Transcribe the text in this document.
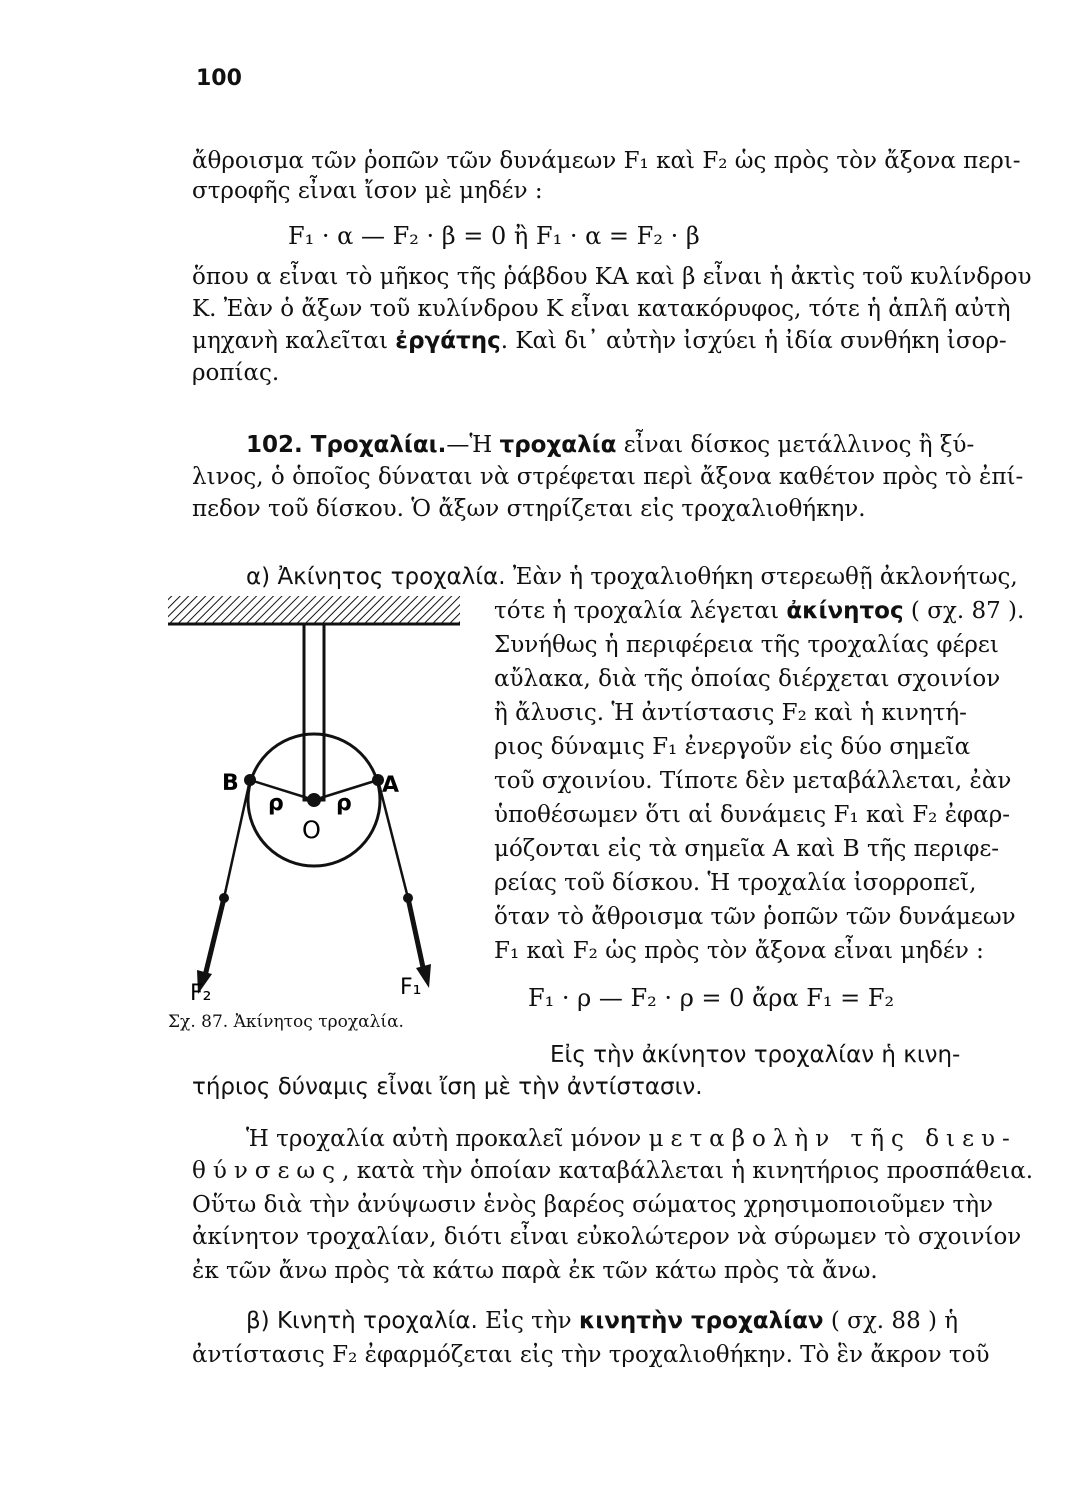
100
ἄθροισμα τῶν ῥοπῶν τῶν δυνάμεων F₁ καὶ F₂ ὡς πρὸς τὸν ἄξονα περι-
στροφῆς εἶναι ἴσον μὲ μηδέν :
F₁ · α — F₂ · β = 0 ἢ F₁ · α = F₂ · β
ὅπου α εἶναι τὸ μῆκος τῆς ῥάβδου ΚΑ καὶ β εἶναι ἡ ἀκτὶς τοῦ κυλίνδρου
Κ. Ἐὰν ὁ ἄξων τοῦ κυλίνδρου Κ εἶναι κατακόρυφος, τότε ἡ ἁπλῆ αὐτὴ
μηχανὴ καλεῖται ἐργάτης. Καὶ δι᾽ αὐτὴν ἰσχύει ἡ ἰδία συνθήκη ἰσορ-
ροπίας.
102. Τροχαλίαι.—Ἡ τροχαλία εἶναι δίσκος μετάλλινος ἢ ξύ-
λινος, ὁ ὁποῖος δύναται νὰ στρέφεται περὶ ἄξονα καθέτον πρὸς τὸ ἐπί-
πεδον τοῦ δίσκου. Ὁ ἄξων στηρίζεται εἰς τροχαλιοθήκην.
α) Ἀκίνητος τροχαλία. Ἐὰν ἡ τροχαλιοθήκη στερεωθῇ ἀκλονήτως,
τότε ἡ τροχαλία λέγεται ἀκίνητος ( σχ. 87 ).
Συνήθως ἡ περιφέρεια τῆς τροχαλίας φέρει
αὔλακα, διὰ τῆς ὁποίας διέρχεται σχοινίον
ἢ ἄλυσις. Ἡ ἀντίστασις F₂ καὶ ἡ κινητή-
ριος δύναμις F₁ ἐνεργοῦν εἰς δύο σημεῖα
τοῦ σχοινίου. Τίποτε δὲν μεταβάλλεται, ἐὰν
ὑποθέσωμεν ὅτι αἱ δυνάμεις F₁ καὶ F₂ ἐφαρ-
μόζονται εἰς τὰ σημεῖα Α καὶ Β τῆς περιφε-
ρείας τοῦ δίσκου. Ἡ τροχαλία ἰσορροπεῖ,
ὅταν τὸ ἄθροισμα τῶν ῥοπῶν τῶν δυνάμεων
F₁ καὶ F₂ ὡς πρὸς τὸν ἄξονα εἶναι μηδέν :
F₁ · ρ — F₂ · ρ = 0 ἄρα F₁ = F₂
Εἰς τὴν ἀκίνητον τροχαλίαν ἡ κινη-
τήριος δύναμις εἶναι ἴση μὲ τὴν ἀντίστασιν.
Β	Α
ρ ρ
Ο
F₂	F₁
Σχ. 87. Ἀκίνητος τροχαλία.
Ἡ τροχαλία αὐτὴ προκαλεῖ μόνον μεταβολὴν τῆς διευ-
θύνσεως, κατὰ τὴν ὁποίαν καταβάλλεται ἡ κινητήριος προσπάθεια.
Οὕτω διὰ τὴν ἀνύψωσιν ἑνὸς βαρέος σώματος χρησιμοποιοῦμεν τὴν
ἀκίνητον τροχαλίαν, διότι εἶναι εὐκολώτερον νὰ σύρωμεν τὸ σχοινίον
ἐκ τῶν ἄνω πρὸς τὰ κάτω παρὰ ἐκ τῶν κάτω πρὸς τὰ ἄνω.
β) Κινητὴ τροχαλία. Εἰς τὴν κινητὴν τροχαλίαν ( σχ. 88 ) ἡ
ἀντίστασις F₂ ἐφαρμόζεται εἰς τὴν τροχαλιοθήκην. Τὸ ἓν ἄκρον τοῦ
